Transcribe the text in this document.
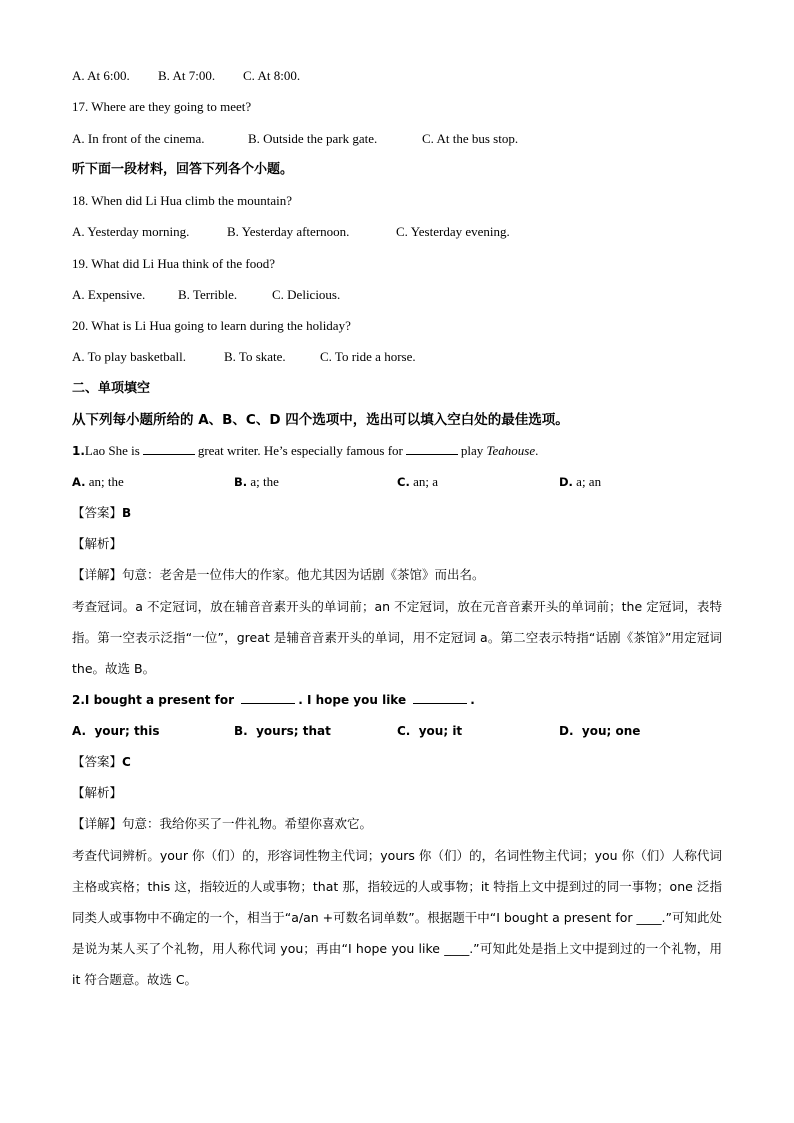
A. At 6:00. B. At 7:00. C. At 8:00.
17. Where are they going to meet?
A. In front of the cinema.	B. Outside the park gate.	C. At the bus stop.
听下面一段材料，回答下列各个小题。
18. When did Li Hua climb the mountain?
A. Yesterday morning.	B. Yesterday afternoon.	C. Yesterday evening.
19. What did Li Hua think of the food?
A. Expensive.	B. Terrible.	C. Delicious.
20. What is Li Hua going to learn during the holiday?
A. To play basketball.	B. To skate.	C. To ride a horse.
二、单项填空
从下列每小题所给的 A、B、C、D 四个选项中，选出可以填入空白处的最佳选项。
1.Lao She is	great writer. He’s especially famous for	play Teahouse.
A. an; the	B. a; the	C. an; a	D. a; an
【答案】B
【解析】
【详解】句意：老舍是一位伟大的作家。他尤其因为话剧《茶馆》而出名。
考查冠词。a 不定冠词，放在辅音音素开头的单词前；an 不定冠词，放在元音音素开头的单词前；the 定冠词，表特指。第一空表示泛指“一位”，great 是辅音音素开头的单词，用不定冠词 a。第二空表示特指“话剧《茶馆》”用定冠词 the。故选 B。
2.I bought a present for	. I hope you like	.
A. your; this	B. yours; that	C. you; it	D. you; one
【答案】C
【解析】
【详解】句意：我给你买了一件礼物。希望你喜欢它。
考查代词辨析。your 你（们）的，形容词性物主代词；yours 你（们）的，名词性物主代词；you 你（们）人称代词主格或宾格；this 这，指较近的人或事物；that 那，指较远的人或事物；it 特指上文中提到过的同一事物；one 泛指同类人或事物中不确定的一个，相当于“a/an +可数名词单数”。根据题干中“I bought a present for ____.”可知此处是说为某人买了个礼物，用人称代词 you；再由“I hope you like ____.”可知此处是指上文中提到过的一个礼物，用 it 符合题意。故选 C。
